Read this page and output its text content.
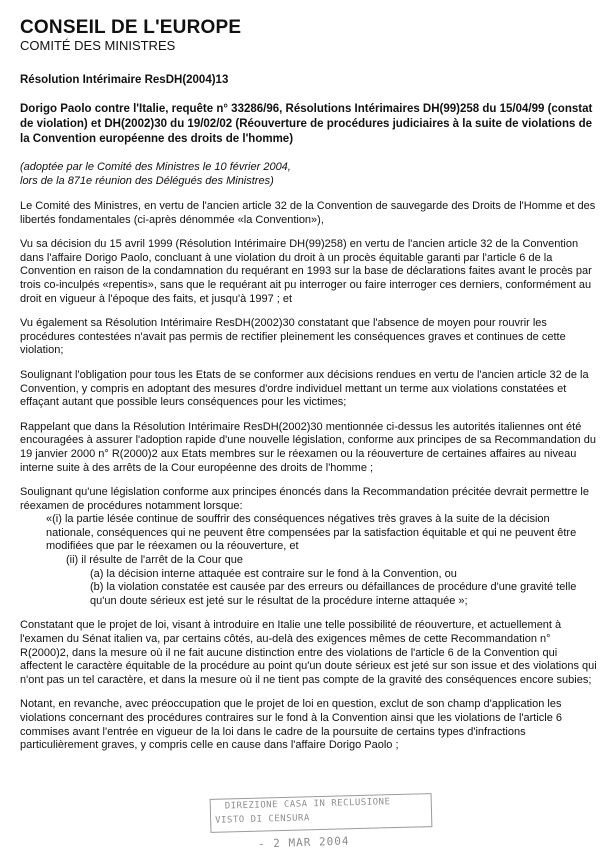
CONSEIL DE L'EUROPE
COMITÉ DES MINISTRES
Résolution Intérimaire ResDH(2004)13
Dorigo Paolo contre l'Italie, requête n° 33286/96, Résolutions Intérimaires DH(99)258 du 15/04/99 (constat de violation) et DH(2002)30 du 19/02/02 (Réouverture de procédures judiciaires à la suite de violations de la Convention européenne des droits de l'homme)
(adoptée par le Comité des Ministres le 10 février 2004,
lors de la 871e réunion des Délégués des Ministres)

Le Comité des Ministres, en vertu de l'ancien article 32 de la Convention de sauvegarde des Droits de l'Homme et des libertés fondamentales (ci-après dénommée «la Convention»),

Vu sa décision du 15 avril 1999 (Résolution Intérimaire DH(99)258) en vertu de l'ancien article 32 de la Convention dans l'affaire Dorigo Paolo, concluant à une violation du droit à un procès équitable garanti par l'article 6 de la Convention en raison de la condamnation du requérant en 1993 sur la base de déclarations faites avant le procès par trois co-inculpés «repentis», sans que le requérant ait pu interroger ou faire interroger ces derniers, conformément au droit en vigueur à l'époque des faits, et jusqu'à 1997 ; et

Vu également sa Résolution Intérimaire ResDH(2002)30 constatant que l'absence de moyen pour rouvrir les procédures contestées n'avait pas permis de rectifier pleinement les conséquences graves et continues de cette violation;

Soulignant l'obligation pour tous les Etats de se conformer aux décisions rendues en vertu de l'ancien article 32 de la Convention, y compris en adoptant des mesures d'ordre individuel mettant un terme aux violations constatées et effaçant autant que possible leurs conséquences pour les victimes;

Rappelant que dans la Résolution Intérimaire ResDH(2002)30 mentionnée ci-dessus les autorités italiennes ont été encouragées à assurer l'adoption rapide d'une nouvelle législation, conforme aux principes de sa Recommandation du 19 janvier 2000 n° R(2000)2 aux Etats membres sur le réexamen ou la réouverture de certaines affaires au niveau interne suite à des arrêts de la Cour européenne des droits de l'homme ;

Soulignant qu'une législation conforme aux principes énoncés dans la Recommandation précitée devrait permettre le réexamen de procédures notamment lorsque:

«(i) la partie lésée continue de souffrir des conséquences négatives très graves à la suite de la décision nationale, conséquences qui ne peuvent être compensées par la satisfaction équitable et qui ne peuvent être modifiées que par le réexamen ou la réouverture, et

(ii) il résulte de l'arrêt de la Cour que

(a) la décision interne attaquée est contraire sur le fond à la Convention, ou

(b) la violation constatée est causée par des erreurs ou défaillances de procédure d'une gravité telle qu'un doute sérieux est jeté sur le résultat de la procédure interne attaquée »;

Constatant que le projet de loi, visant à introduire en Italie une telle possibilité de réouverture, et actuellement à l'examen du Sénat italien va, par certains côtés, au-delà des exigences mêmes de cette Recommandation n° R(2000)2, dans la mesure où il ne fait aucune distinction entre des violations de l'article 6 de la Convention qui affectent le caractère équitable de la procédure au point qu'un doute sérieux est jeté sur son issue et des violations qui n'ont pas un tel caractère, et dans la mesure où il ne tient pas compte de la gravité des conséquences encore subies;

Notant, en revanche, avec préoccupation que le projet de loi en question, exclut de son champ d'application les violations concernant des procédures contraires sur le fond à la Convention ainsi que les violations de l'article 6 commises avant l'entrée en vigueur de la loi dans le cadre de la poursuite de certains types d'infractions particulièrement graves, y compris celle en cause dans l'affaire Dorigo Paolo ;

DIREZIONE CASA IN RECLUSIONE
VISTO DI CENSURA
- 2 MAR 2004
